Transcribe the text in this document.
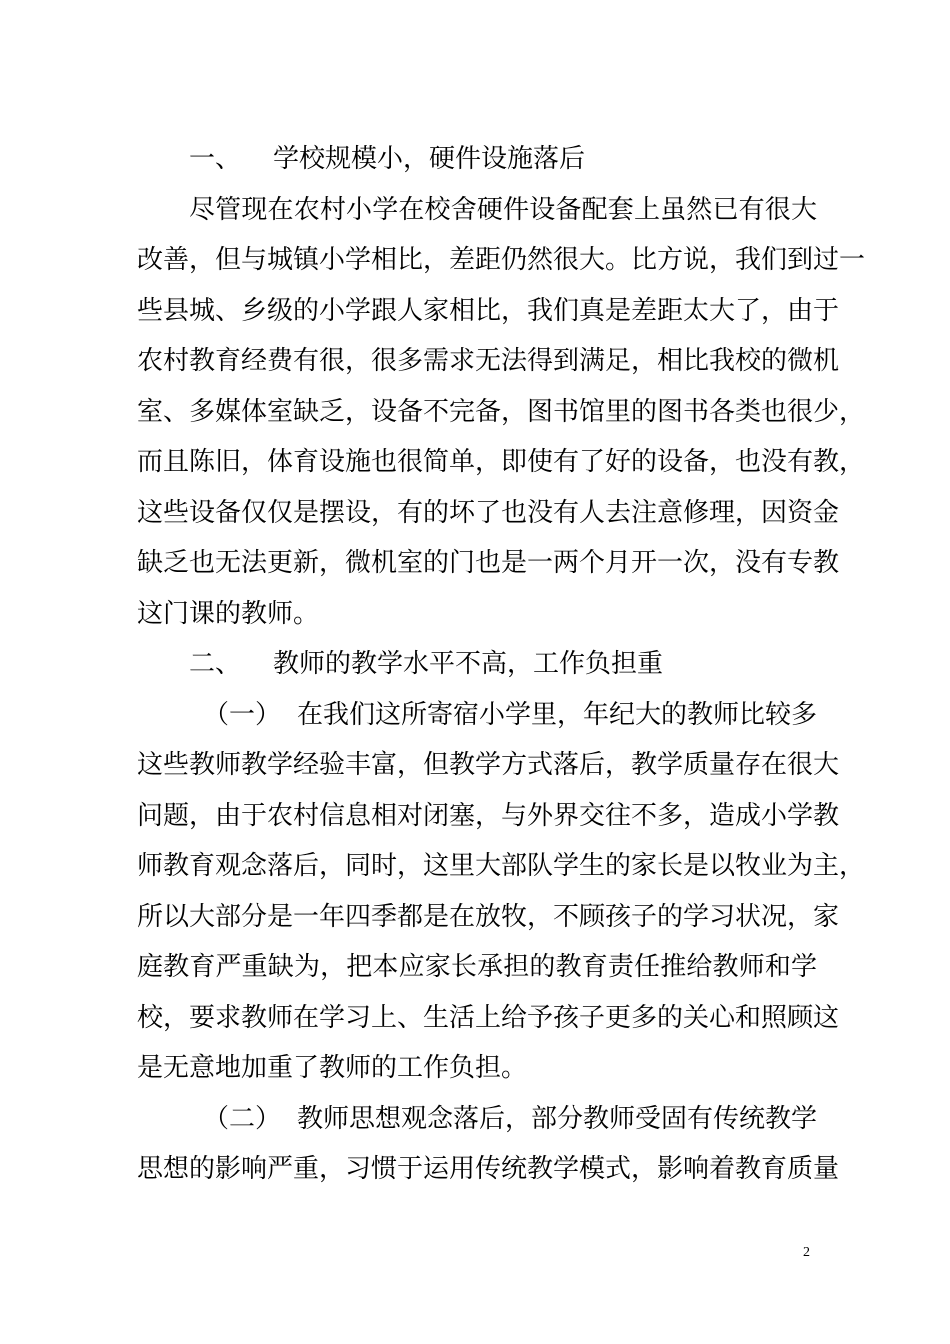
一、	学校规模小，硬件设施落后
尽管现在农村小学在校舍硬件设备配套上虽然已有很大
改善，但与城镇小学相比，差距仍然很大。比方说，我们到过一
些县城、乡级的小学跟人家相比，我们真是差距太大了，由于
农村教育经费有很，很多需求无法得到满足，相比我校的微机
室、多媒体室缺乏，设备不完备，图书馆里的图书各类也很少，
而且陈旧，体育设施也很简单，即使有了好的设备，也没有教，
这些设备仅仅是摆设，有的坏了也没有人去注意修理，因资金
缺乏也无法更新，微机室的门也是一两个月开一次，没有专教
这门课的教师。
二、	教师的教学水平不高，工作负担重
（一） 在我们这所寄宿小学里，年纪大的教师比较多
这些教师教学经验丰富，但教学方式落后，教学质量存在很大
问题，由于农村信息相对闭塞，与外界交往不多，造成小学教
师教育观念落后，同时，这里大部队学生的家长是以牧业为主，
所以大部分是一年四季都是在放牧，不顾孩子的学习状况，家
庭教育严重缺为，把本应家长承担的教育责任推给教师和学
校，要求教师在学习上、生活上给予孩子更多的关心和照顾这
是无意地加重了教师的工作负担。
（二） 教师思想观念落后，部分教师受固有传统教学
思想的影响严重，习惯于运用传统教学模式，影响着教育质量
2
